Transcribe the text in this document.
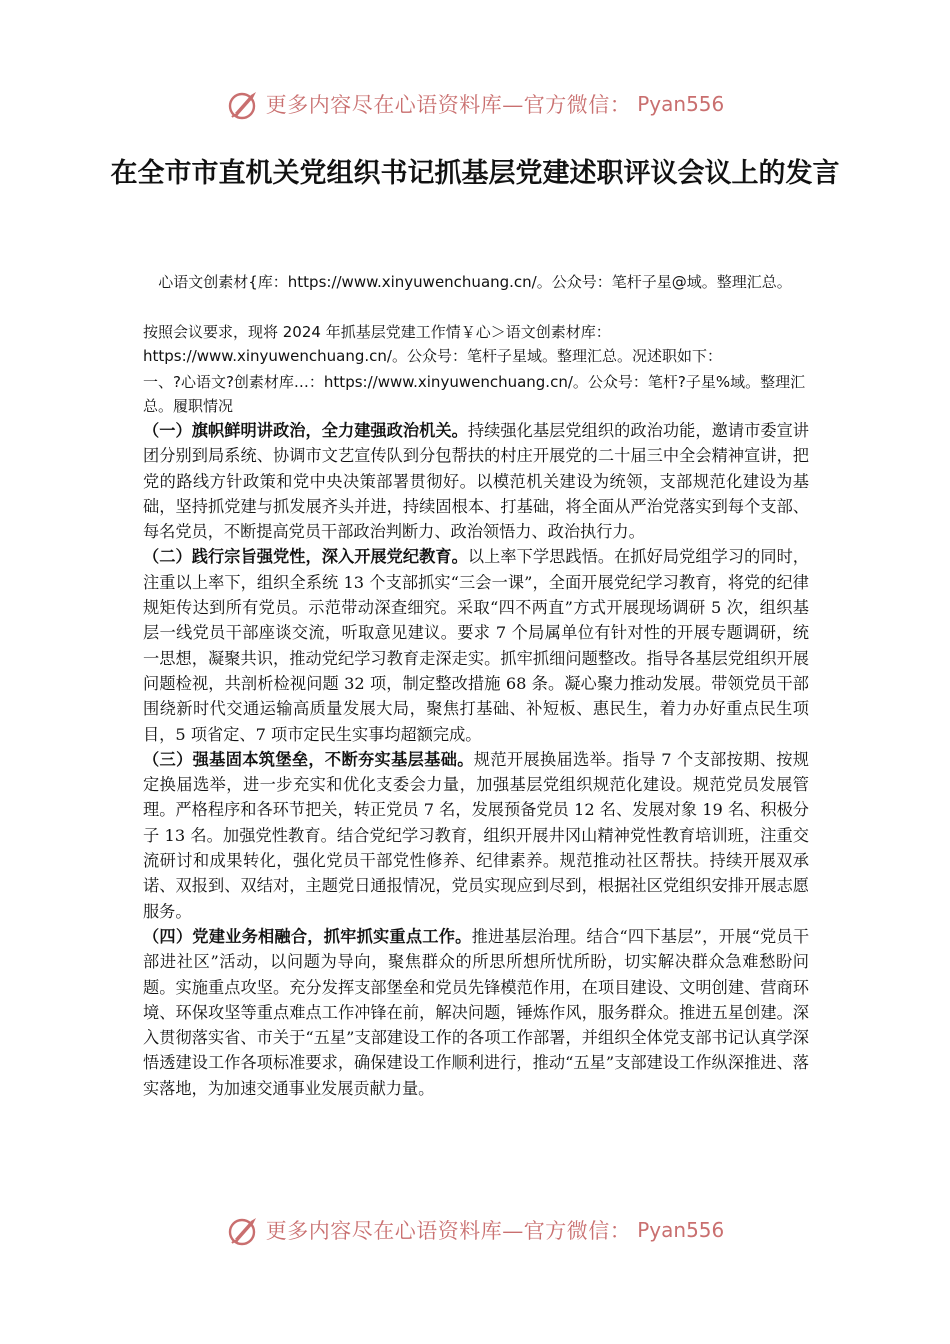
更多内容尽在心语资料库—官方微信： Pyan556
在全市市直机关党组织书记抓基层党建述职评议会议上的发言
心语文创素材{库：https://www.xinyuwenchuang.cn/。公众号：笔杆子星@域。整理汇总。
按照会议要求，现将 2024 年抓基层党建工作情￥心＞语文创素材库：https://www.xinyuwenchuang.cn/。公众号：笔杆子星域。整理汇总。况述职如下：
一、?心语文?创素材库…：https://www.xinyuwenchuang.cn/。公众号：笔杆?子星%域。整理汇总。履职情况

（一）旗帜鲜明讲政治，全力建强政治机关。持续强化基层党组织的政治功能，邀请市委宣讲团分别到局系统、协调市文艺宣传队到分包帮扶的村庄开展党的二十届三中全会精神宣讲，把党的路线方针政策和党中央决策部署贯彻好。以模范机关建设为统领，支部规范化建设为基础，坚持抓党建与抓发展齐头并进，持续固根本、打基础，将全面从严治党落实到每个支部、每名党员，不断提高党员干部政治判断力、政治领悟力、政治执行力。

（二）践行宗旨强党性，深入开展党纪教育。以上率下学思践悟。在抓好局党组学习的同时，注重以上率下，组织全系统 13 个支部抓实“三会一课”，全面开展党纪学习教育，将党的纪律规矩传达到所有党员。示范带动深查细究。采取“四不两直”方式开展现场调研 5 次，组织基层一线党员干部座谈交流，听取意见建议。要求 7 个局属单位有针对性的开展专题调研，统一思想，凝聚共识，推动党纪学习教育走深走实。抓牢抓细问题整改。指导各基层党组织开展问题检视，共剖析检视问题 32 项，制定整改措施 68 条。凝心聚力推动发展。带领党员干部围绕新时代交通运输高质量发展大局，聚焦打基础、补短板、惠民生，着力办好重点民生项目，5 项省定、7 项市定民生实事均超额完成。

（三）强基固本筑堡垒，不断夯实基层基础。规范开展换届选举。指导 7 个支部按期、按规定换届选举，进一步充实和优化支委会力量，加强基层党组织规范化建设。规范党员发展管理。严格程序和各环节把关，转正党员 7 名，发展预备党员 12 名、发展对象 19 名、积极分子 13 名。加强党性教育。结合党纪学习教育，组织开展井冈山精神党性教育培训班，注重交流研讨和成果转化，强化党员干部党性修养、纪律素养。规范推动社区帮扶。持续开展双承诺、双报到、双结对，主题党日通报情况，党员实现应到尽到，根据社区党组织安排开展志愿服务。

（四）党建业务相融合，抓牢抓实重点工作。推进基层治理。结合“四下基层”，开展“党员干部进社区”活动，以问题为导向，聚焦群众的所思所想所忧所盼，切实解决群众急难愁盼问题。实施重点攻坚。充分发挥支部堡垒和党员先锋模范作用，在项目建设、文明创建、营商环境、环保攻坚等重点难点工作冲锋在前，解决问题，锤炼作风，服务群众。推进五星创建。深入贯彻落实省、市关于“五星”支部建设工作的各项工作部署，并组织全体党支部书记认真学深悟透建设工作各项标准要求，确保建设工作顺利进行，推动“五星”支部建设工作纵深推进、落实落地，为加速交通事业发展贡献力量。

更多内容尽在心语资料库—官方微信： Pyan556
